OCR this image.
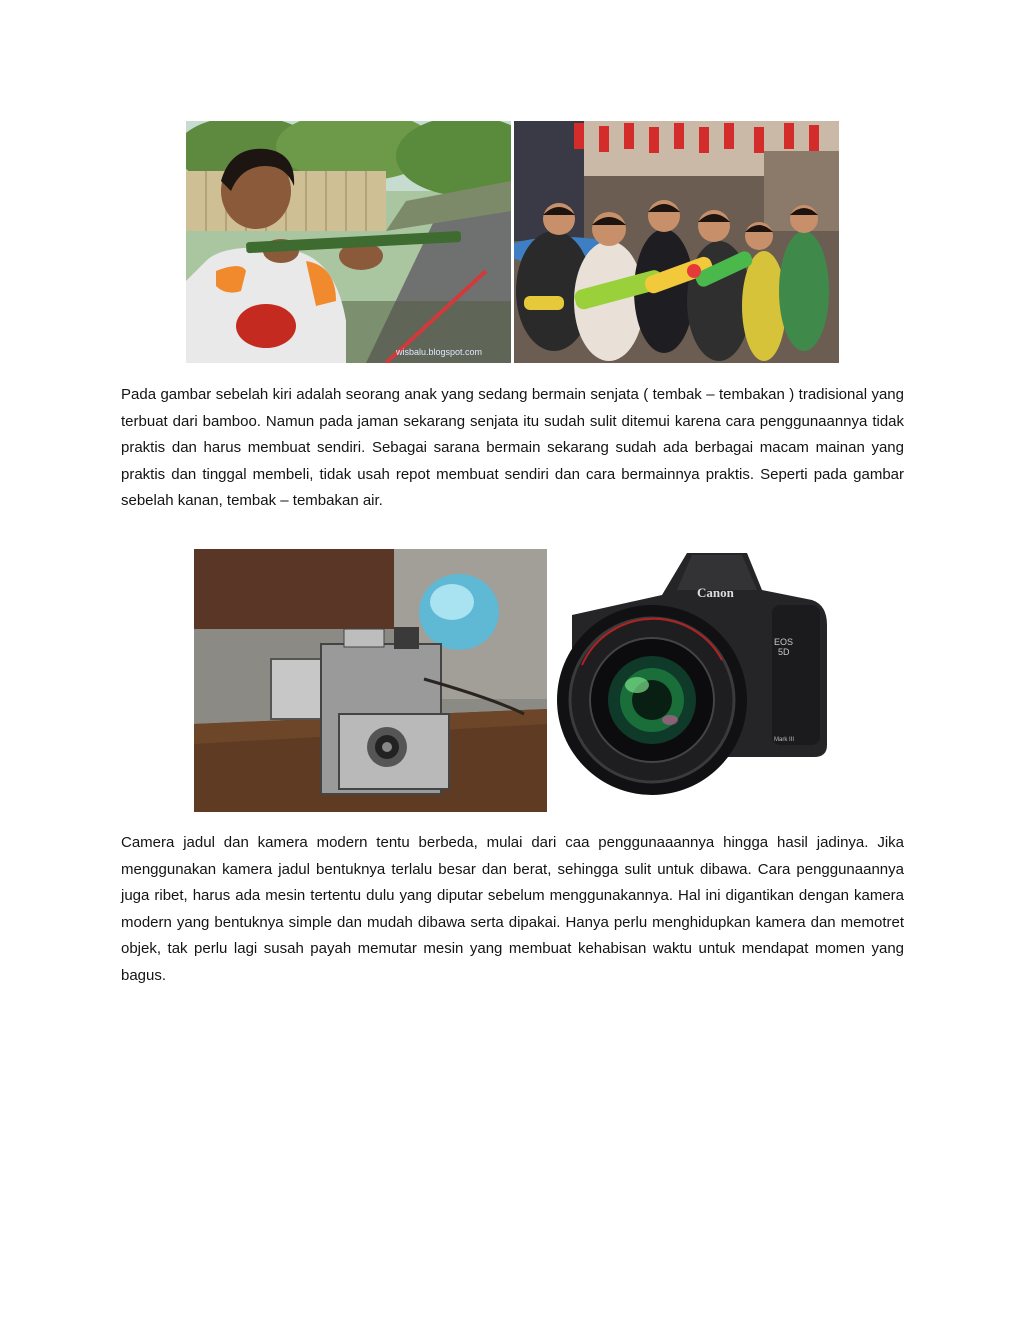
wisbalu.blogspot.com

Pada gambar sebelah kiri adalah seorang anak yang sedang bermain senjata ( tembak – tembakan ) tradisional yang terbuat dari bamboo. Namun pada jaman sekarang senjata itu sudah sulit ditemui karena cara penggunaannya tidak praktis dan harus membuat sendiri. Sebagai sarana bermain sekarang sudah ada berbagai macam mainan yang praktis dan tinggal membeli, tidak usah repot membuat sendiri dan cara bermainnya praktis. Seperti pada gambar sebelah kanan, tembak – tembakan air.

Canon
EOS
5D
Mark III

Camera jadul dan kamera modern tentu berbeda, mulai dari caa penggunaaannya hingga hasil jadinya. Jika menggunakan kamera jadul bentuknya terlalu besar dan berat, sehingga sulit untuk dibawa. Cara penggunaannya juga ribet, harus ada mesin tertentu dulu yang diputar sebelum menggunakannya. Hal ini digantikan dengan kamera modern yang bentuknya simple dan mudah dibawa serta dipakai. Hanya perlu menghidupkan kamera dan memotret objek, tak perlu lagi susah payah memutar mesin yang membuat kehabisan waktu untuk mendapat momen yang bagus.
